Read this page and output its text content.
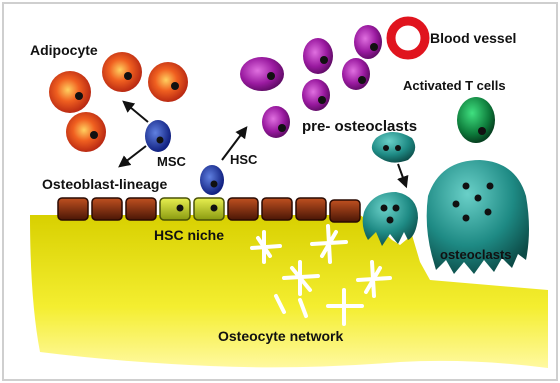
Adipocyte
MSC
Osteoblast-lineage
HSC
HSC niche
pre- osteoclasts
Blood vessel
Activated T cells
osteoclasts
Osteocyte network
